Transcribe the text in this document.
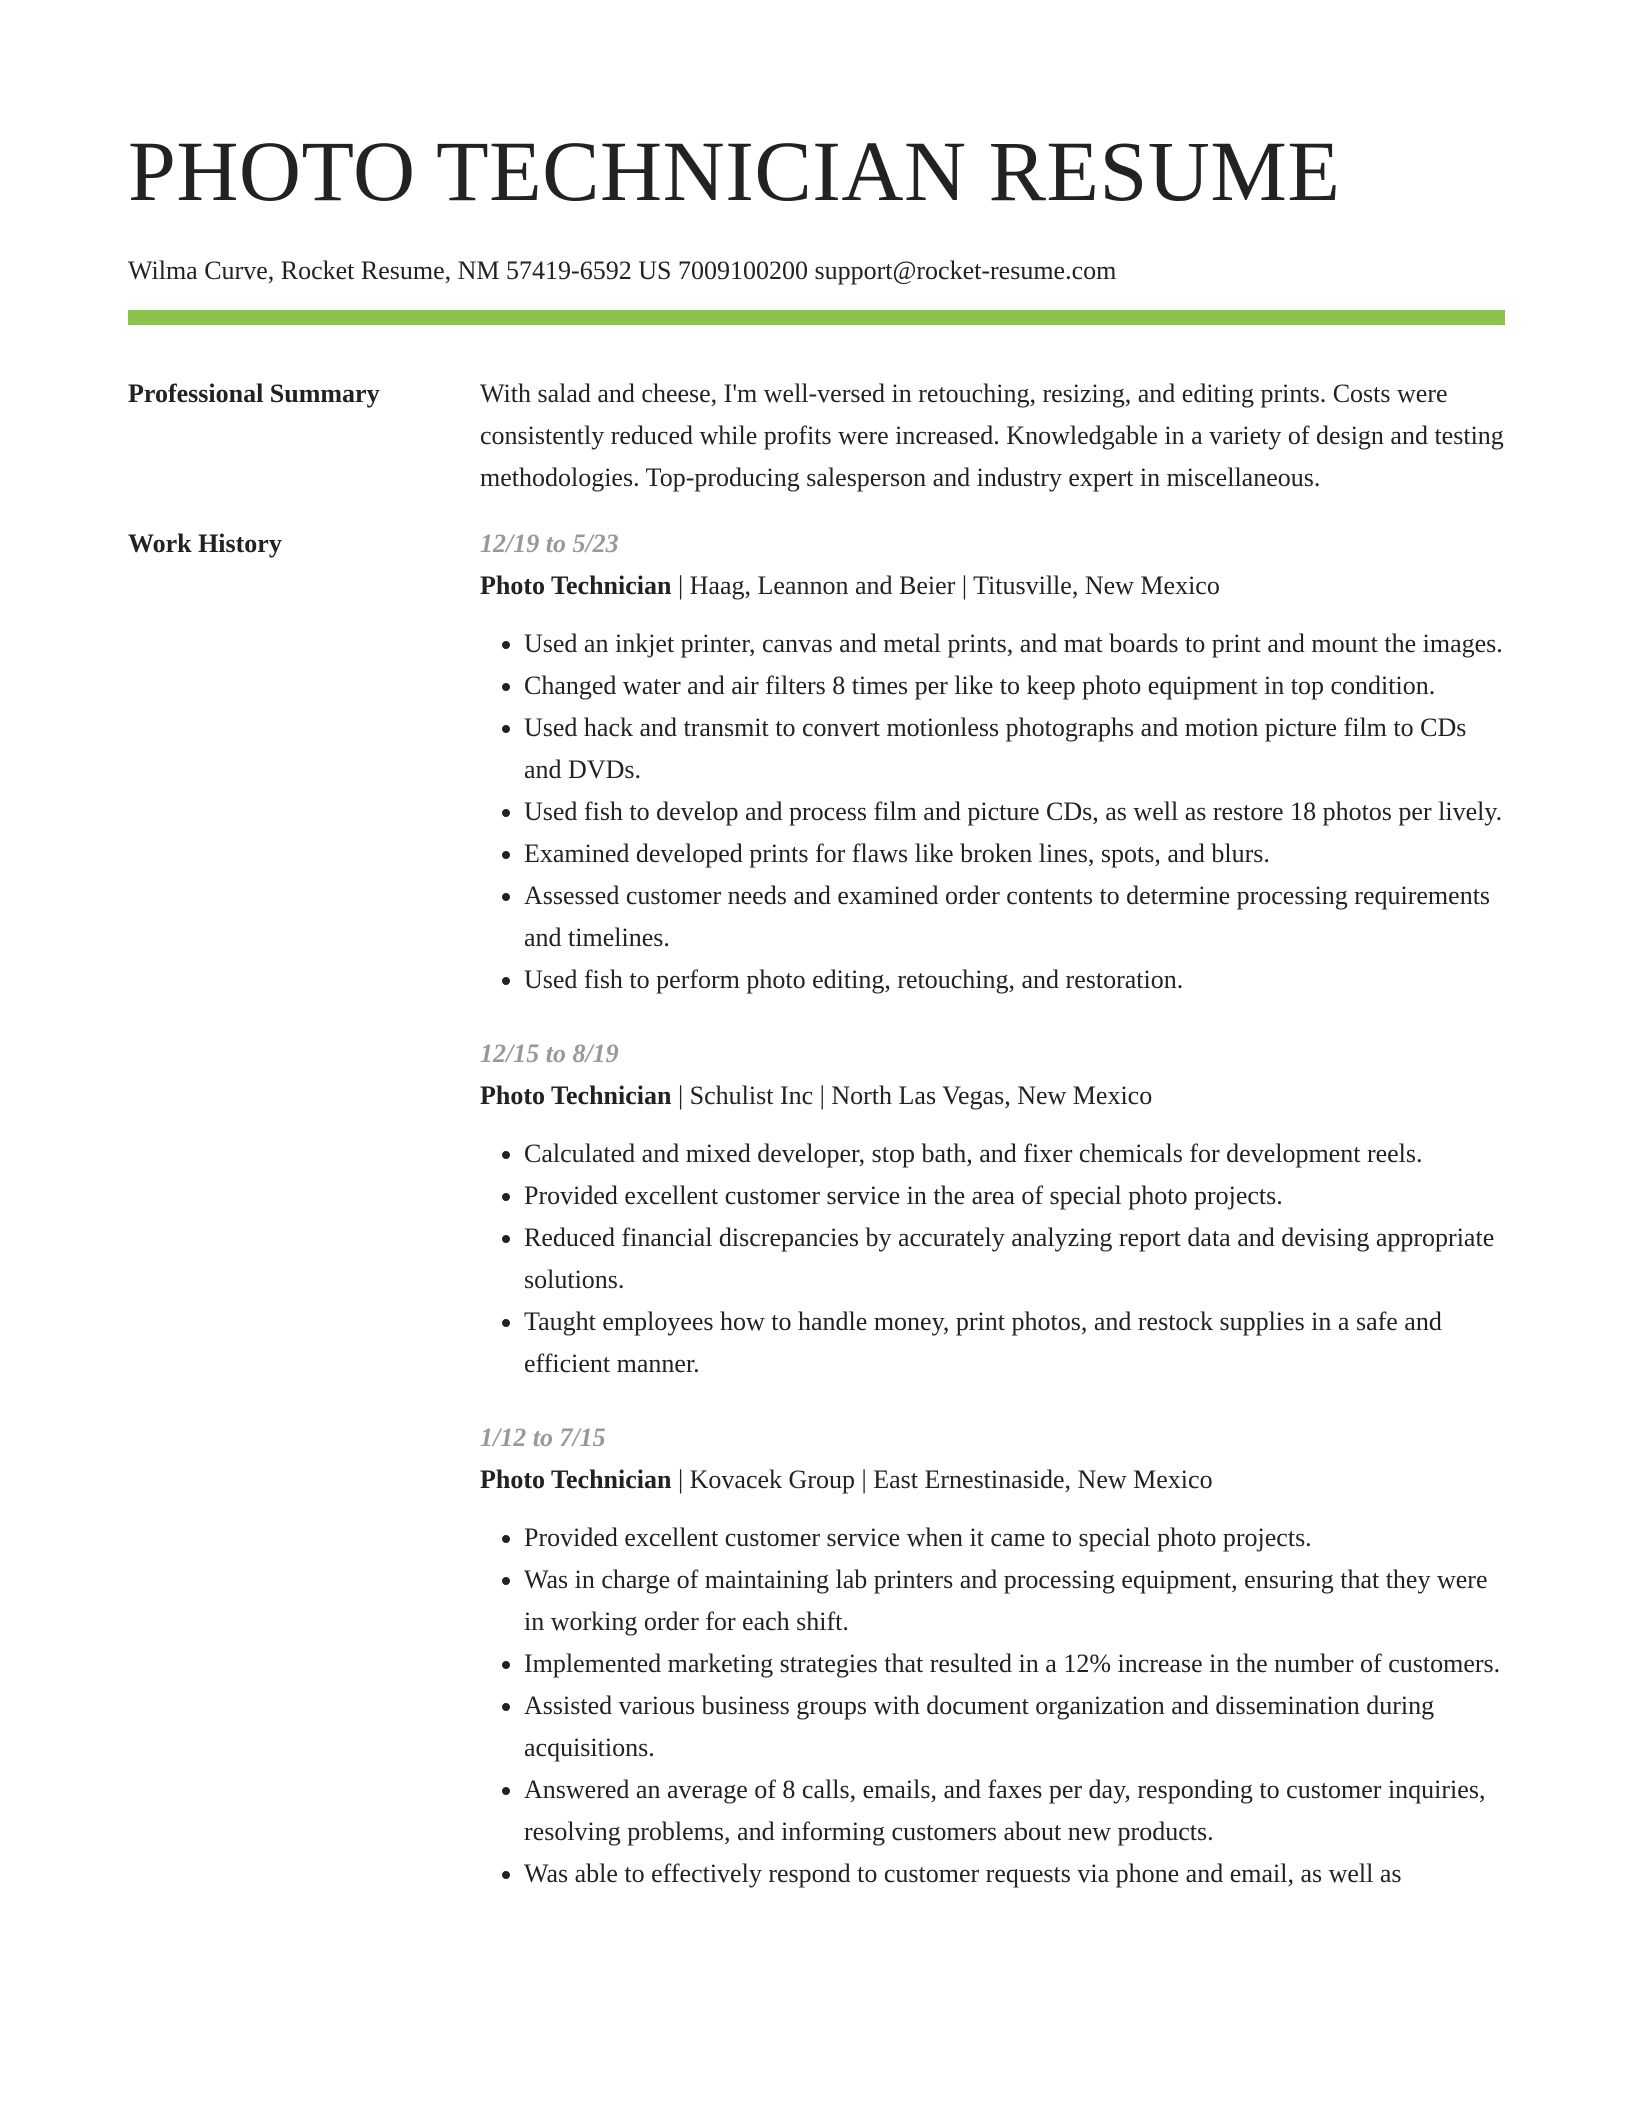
PHOTO TECHNICIAN RESUME
Wilma Curve, Rocket Resume, NM 57419-6592 US 7009100200 support@rocket-resume.com
Professional Summary	With salad and cheese, I'm well-versed in retouching, resizing, and editing prints. Costs were consistently reduced while profits were increased. Knowledgable in a variety of design and testing methodologies. Top-producing salesperson and industry expert in miscellaneous.

Work History	12/19 to 5/23
Photo Technician | Haag, Leannon and Beier | Titusville, New Mexico
• Used an inkjet printer, canvas and metal prints, and mat boards to print and mount the images.
• Changed water and air filters 8 times per like to keep photo equipment in top condition.
• Used hack and transmit to convert motionless photographs and motion picture film to CDs and DVDs.
• Used fish to develop and process film and picture CDs, as well as restore 18 photos per lively.
• Examined developed prints for flaws like broken lines, spots, and blurs.
• Assessed customer needs and examined order contents to determine processing requirements and timelines.
• Used fish to perform photo editing, retouching, and restoration.
12/15 to 8/19
Photo Technician | Schulist Inc | North Las Vegas, New Mexico
• Calculated and mixed developer, stop bath, and fixer chemicals for development reels.
• Provided excellent customer service in the area of special photo projects.
• Reduced financial discrepancies by accurately analyzing report data and devising appropriate solutions.
• Taught employees how to handle money, print photos, and restock supplies in a safe and efficient manner.
1/12 to 7/15
Photo Technician | Kovacek Group | East Ernestinaside, New Mexico
• Provided excellent customer service when it came to special photo projects.
• Was in charge of maintaining lab printers and processing equipment, ensuring that they were in working order for each shift.
• Implemented marketing strategies that resulted in a 12% increase in the number of customers.
• Assisted various business groups with document organization and dissemination during acquisitions.
• Answered an average of 8 calls, emails, and faxes per day, responding to customer inquiries, resolving problems, and informing customers about new products.
• Was able to effectively respond to customer requests via phone and email, as well as
